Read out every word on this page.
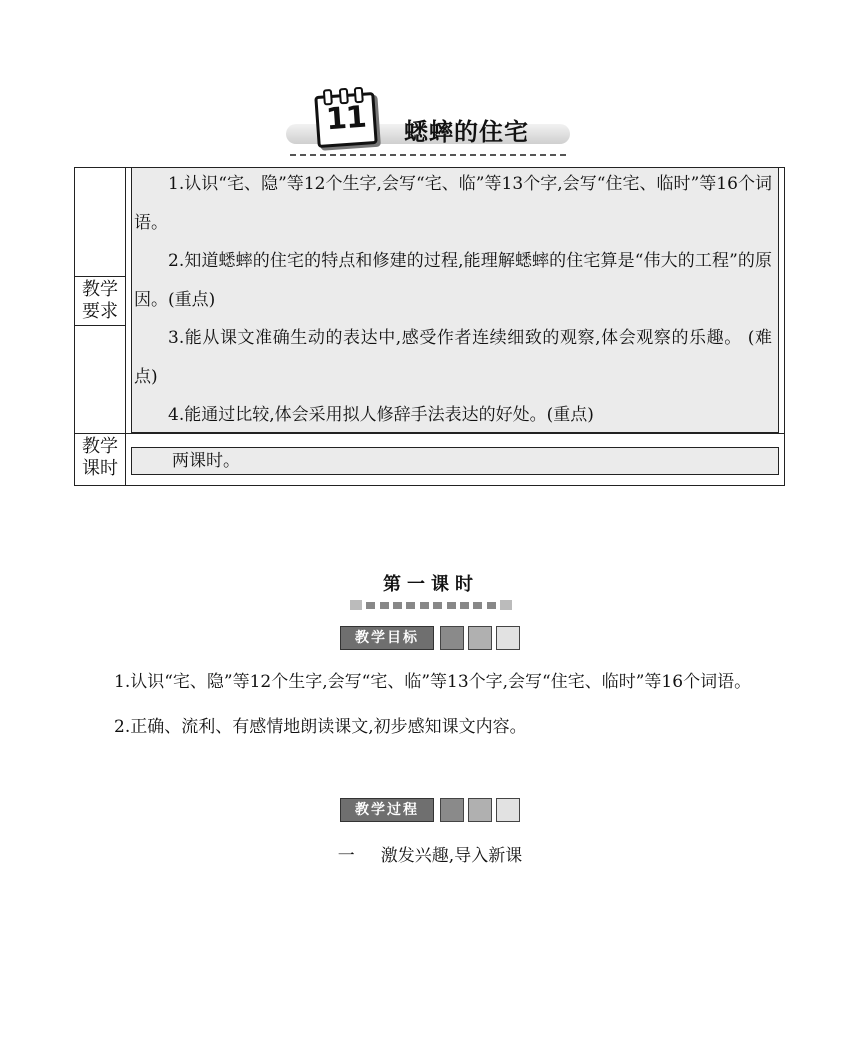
11	蟋蟀的住宅
教学
要求

1.认识“宅、隐”等12个生字,会写“宅、临”等13个字,会写“住宅、临时”等16个词语。

2.知道蟋蟀的住宅的特点和修建的过程,能理解蟋蟀的住宅算是“伟大的工程”的原因。(重点)

3.能从课文准确生动的表达中,感受作者连续细致的观察,体会观察的乐趣。 (难点)

4.能通过比较,体会采用拟人修辞手法表达的好处。(重点)

教学
课时	两课时。
第一课时
教学目标

1.认识“宅、隐”等12个生字,会写“宅、临”等13个字,会写“住宅、临时”等16个词语。

2.正确、流利、有感情地朗读课文,初步感知课文内容。

教学过程
一 激发兴趣,导入新课
